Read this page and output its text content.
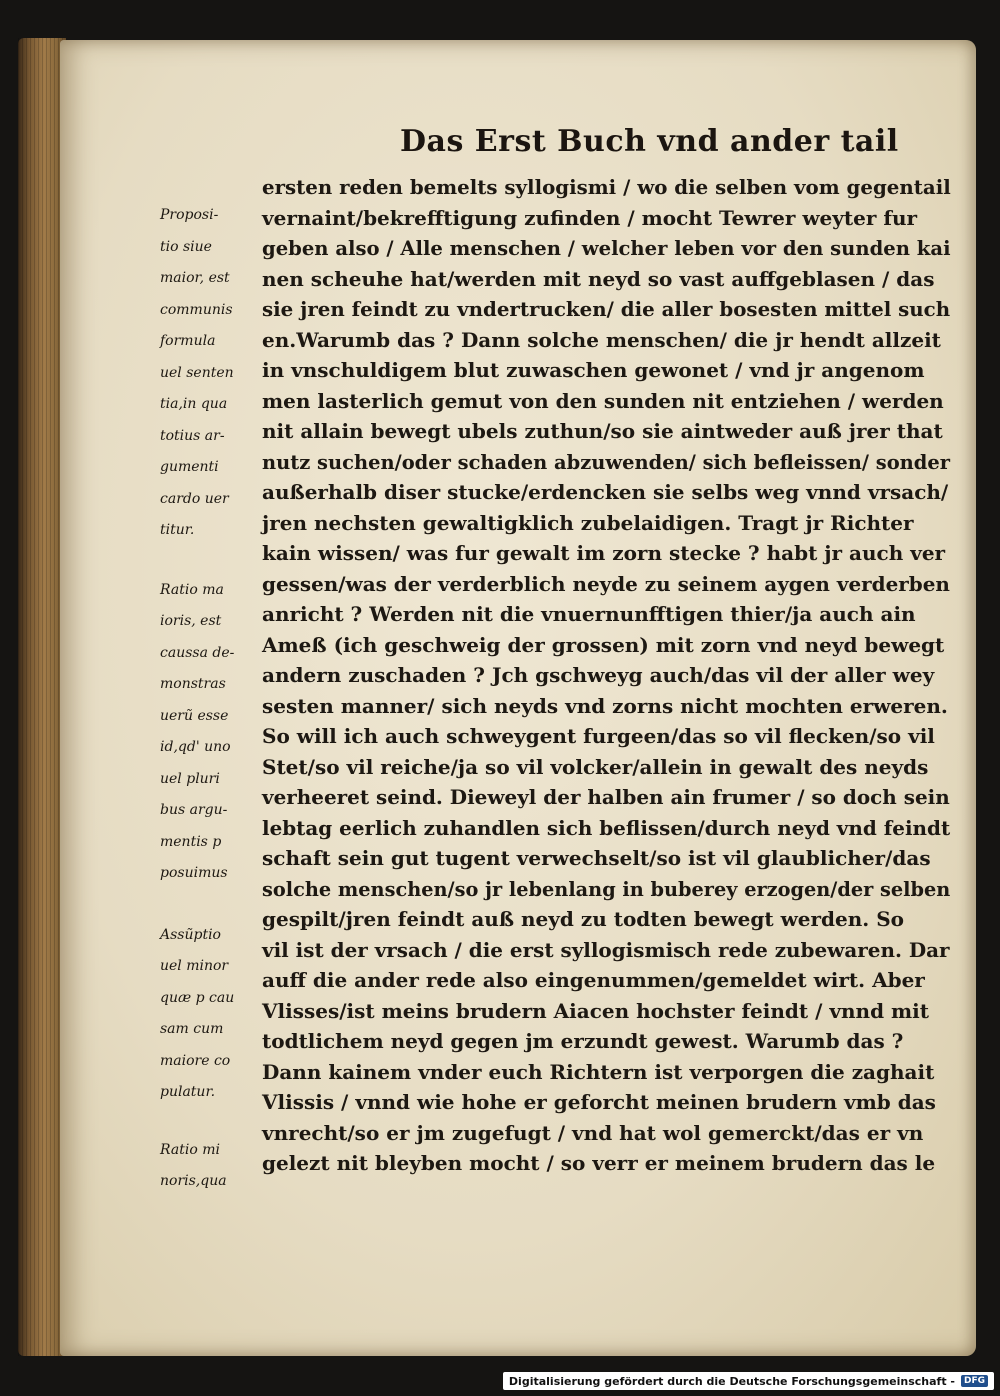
Das Erst Buch vnd ander tail
ersten reden bemelts syllogismi / wo die selben vom gegentail
vernaint/bekrefftigung zufinden / mocht Tewrer weyter fur
geben also / Alle menschen / welcher leben vor den sunden kai
nen scheuhe hat/werden mit neyd so vast auffgeblasen / das
sie jren feindt zu vndertrucken/ die aller bosesten mittel such
en.Warumb das ? Dann solche menschen/ die jr hendt allzeit
in vnschuldigem blut zuwaschen gewonet / vnd jr angenom
men lasterlich gemut von den sunden nit entziehen / werden
nit allain bewegt ubels zuthun/so sie aintweder auß jrer that
nutz suchen/oder schaden abzuwenden/ sich befleissen/ sonder
außerhalb diser stucke/erdencken sie selbs weg vnnd vrsach/
jren nechsten gewaltigklich zubelaidigen. Tragt jr Richter
kain wissen/ was fur gewalt im zorn stecke ? habt jr auch ver
gessen/was der verderblich neyde zu seinem aygen verderben
anricht ? Werden nit die vnuernunfftigen thier/ja auch ain
Ameß (ich geschweig der grossen) mit zorn vnd neyd bewegt
andern zuschaden ? Jch gschweyg auch/das vil der aller wey
sesten manner/ sich neyds vnd zorns nicht mochten erweren.
So will ich auch schweygent furgeen/das so vil flecken/so vil
Stet/so vil reiche/ja so vil volcker/allein in gewalt des neyds
verheeret seind. Dieweyl der halben ain frumer / so doch sein
lebtag eerlich zuhandlen sich beflissen/durch neyd vnd feindt
schaft sein gut tugent verwechselt/so ist vil glaublicher/das
solche menschen/so jr lebenlang in buberey erzogen/der selben
gespilt/jren feindt auß neyd zu todten bewegt werden. So
vil ist der vrsach / die erst syllogismisch rede zubewaren. Dar
auff die ander rede also eingenummen/gemeldet wirt. Aber
Vlisses/ist meins brudern Aiacen hochster feindt / vnnd mit
todtlichem neyd gegen jm erzundt gewest. Warumb das ?
Dann kainem vnder euch Richtern ist verporgen die zaghait
Vlissis / vnnd wie hohe er geforcht meinen brudern vmb das
vnrecht/so er jm zugefugt / vnd hat wol gemerckt/das er vn
gelezt nit bleyben mocht / so verr er meinem brudern das le
Proposi-
tio siue
maior, est
communis
formula
uel senten
tia,in qua
totius ar-
gumenti
cardo uer
titur.
Ratio ma
ioris, est
caussa de-
monstras
uerũ esse
id,qd' uno
uel pluri
bus argu-
mentis p
posuimus
Assũptio
uel minor
quæ p cau
sam cum
maiore co
pulatur.
Ratio mi
noris,qua
Digitalisierung gefördert durch die Deutsche Forschungsgemeinschaft -	DFG
